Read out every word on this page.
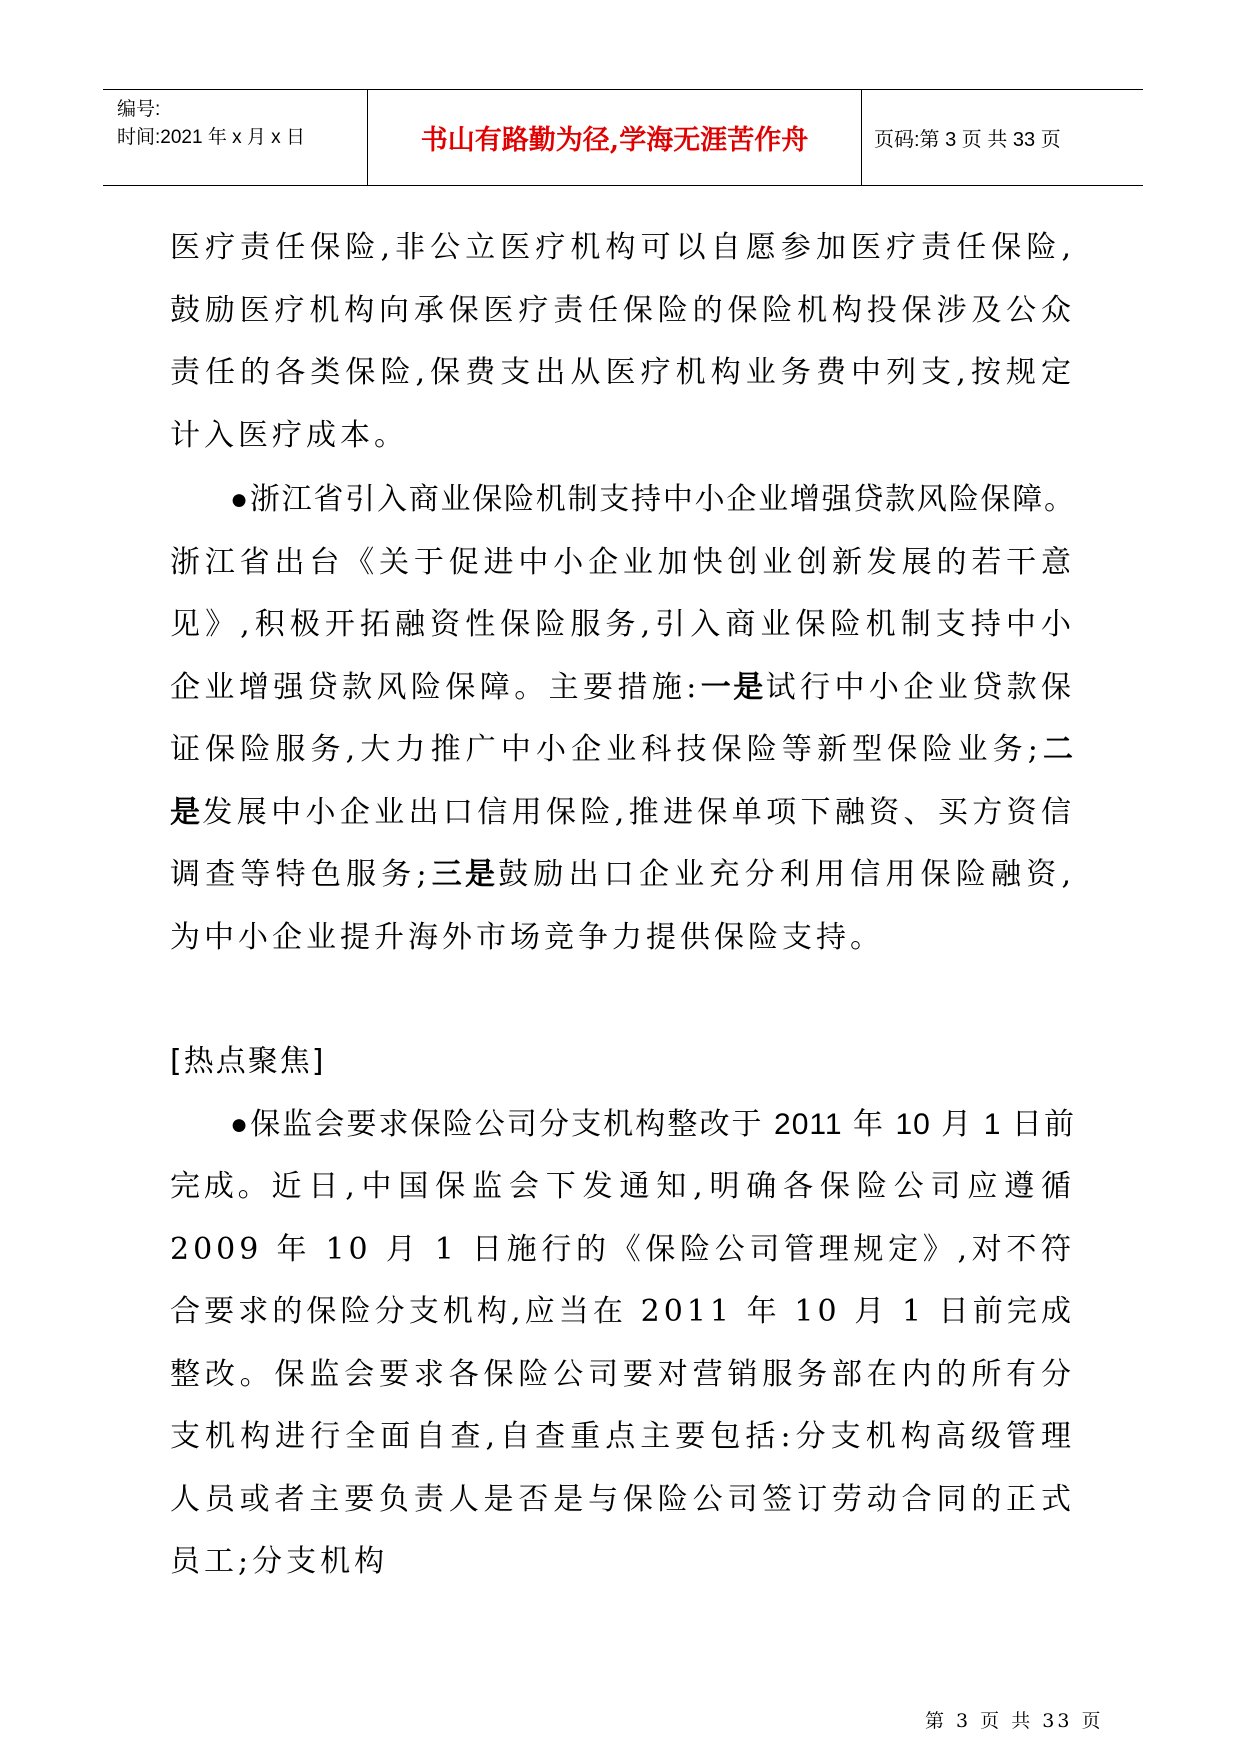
编号:
时间:2021 年 x 月 x 日	书山有路勤为径,学海无涯苦作舟	页码:第 3 页 共 33 页

医疗责任保险,非公立医疗机构可以自愿参加医疗责任保险,鼓励医疗机构向承保医疗责任保险的保险机构投保涉及公众责任的各类保险,保费支出从医疗机构业务费中列支,按规定计入医疗成本。

●浙江省引入商业保险机制支持中小企业增强贷款风险保障。浙江省出台《关于促进中小企业加快创业创新发展的若干意见》,积极开拓融资性保险服务,引入商业保险机制支持中小企业增强贷款风险保障。主要措施:一是试行中小企业贷款保证保险服务,大力推广中小企业科技保险等新型保险业务;二是发展中小企业出口信用保险,推进保单项下融资、买方资信调查等特色服务;三是鼓励出口企业充分利用信用保险融资,为中小企业提升海外市场竞争力提供保险支持。

[热点聚焦]

●保监会要求保险公司分支机构整改于 2011 年 10 月 1 日前完成。近日,中国保监会下发通知,明确各保险公司应遵循 2009 年 10 月 1 日施行的《保险公司管理规定》,对不符合要求的保险分支机构,应当在 2011 年 10 月 1 日前完成整改。保监会要求各保险公司要对营销服务部在内的所有分支机构进行全面自查,自查重点主要包括:分支机构高级管理人员或者主要负责人是否是与保险公司签订劳动合同的正式员工;分支机构

第 3 页 共 33 页
